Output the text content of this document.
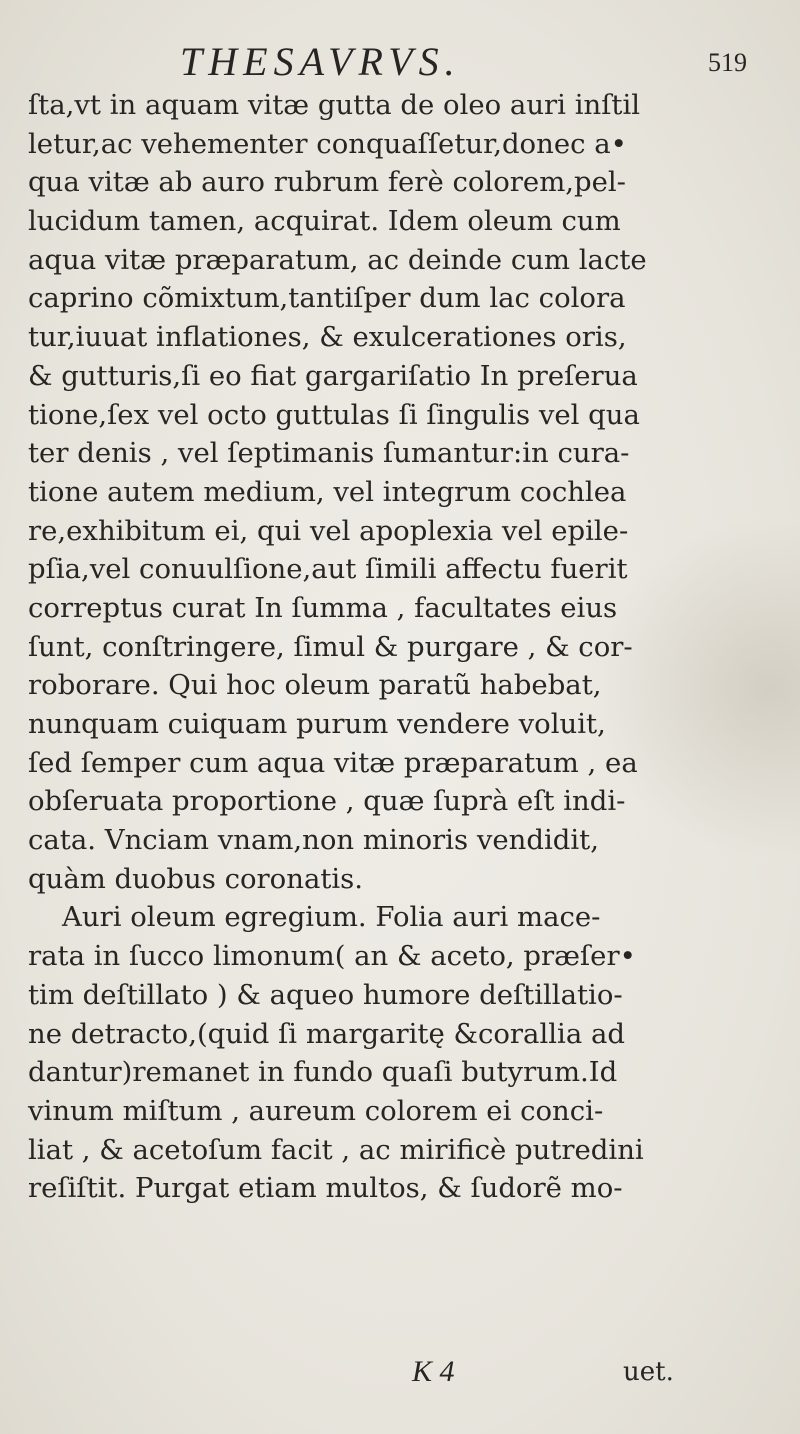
THESAVRVS.	519
ſta,vt in aquam vitæ gutta de oleo auri inſtil
letur,ac vehementer conquaſſetur,donec a•
qua vitæ ab auro rubrum ferè colorem,pel-
lucidum tamen, acquirat. Idem oleum cum
aqua vitæ præparatum, ac deinde cum lacte
caprino cõmixtum,tantiſper dum lac colora
tur,iuuat inflationes, & exulcerationes oris,
& gutturis,ſi eo fiat gargariſatio In preſerua
tione,ſex vel octo guttulas ſi ſingulis vel qua
ter denis , vel ſeptimanis ſumantur:in cura-
tione autem medium, vel integrum cochlea
re,exhibitum ei, qui vel apoplexia vel epile-
pſia,vel conuulſione,aut ſimili affectu fuerit
correptus curat In ſumma , facultates eius
ſunt, conſtringere, ſimul & purgare , & cor-
roborare. Qui hoc oleum paratũ habebat,
nunquam cuiquam purum vendere voluit,
ſed ſemper cum aqua vitæ præparatum , ea
obſeruata proportione , quæ ſuprà eſt indi-
cata. Vnciam vnam,non minoris vendidit,
quàm duobus coronatis.
Auri oleum egregium. Folia auri mace-
rata in ſucco limonum( an & aceto, præſer•
tim deſtillato ) & aqueo humore deſtillatio-
ne detracto,(quid ſi margaritę &corallia ad
dantur)remanet in fundo quaſi butyrum.Id
vinum miſtum , aureum colorem ei conci-
liat , & acetoſum facit , ac mirificè putredini
reſiſtit. Purgat etiam multos, & ſudorẽ mo-
K 4	uet.
